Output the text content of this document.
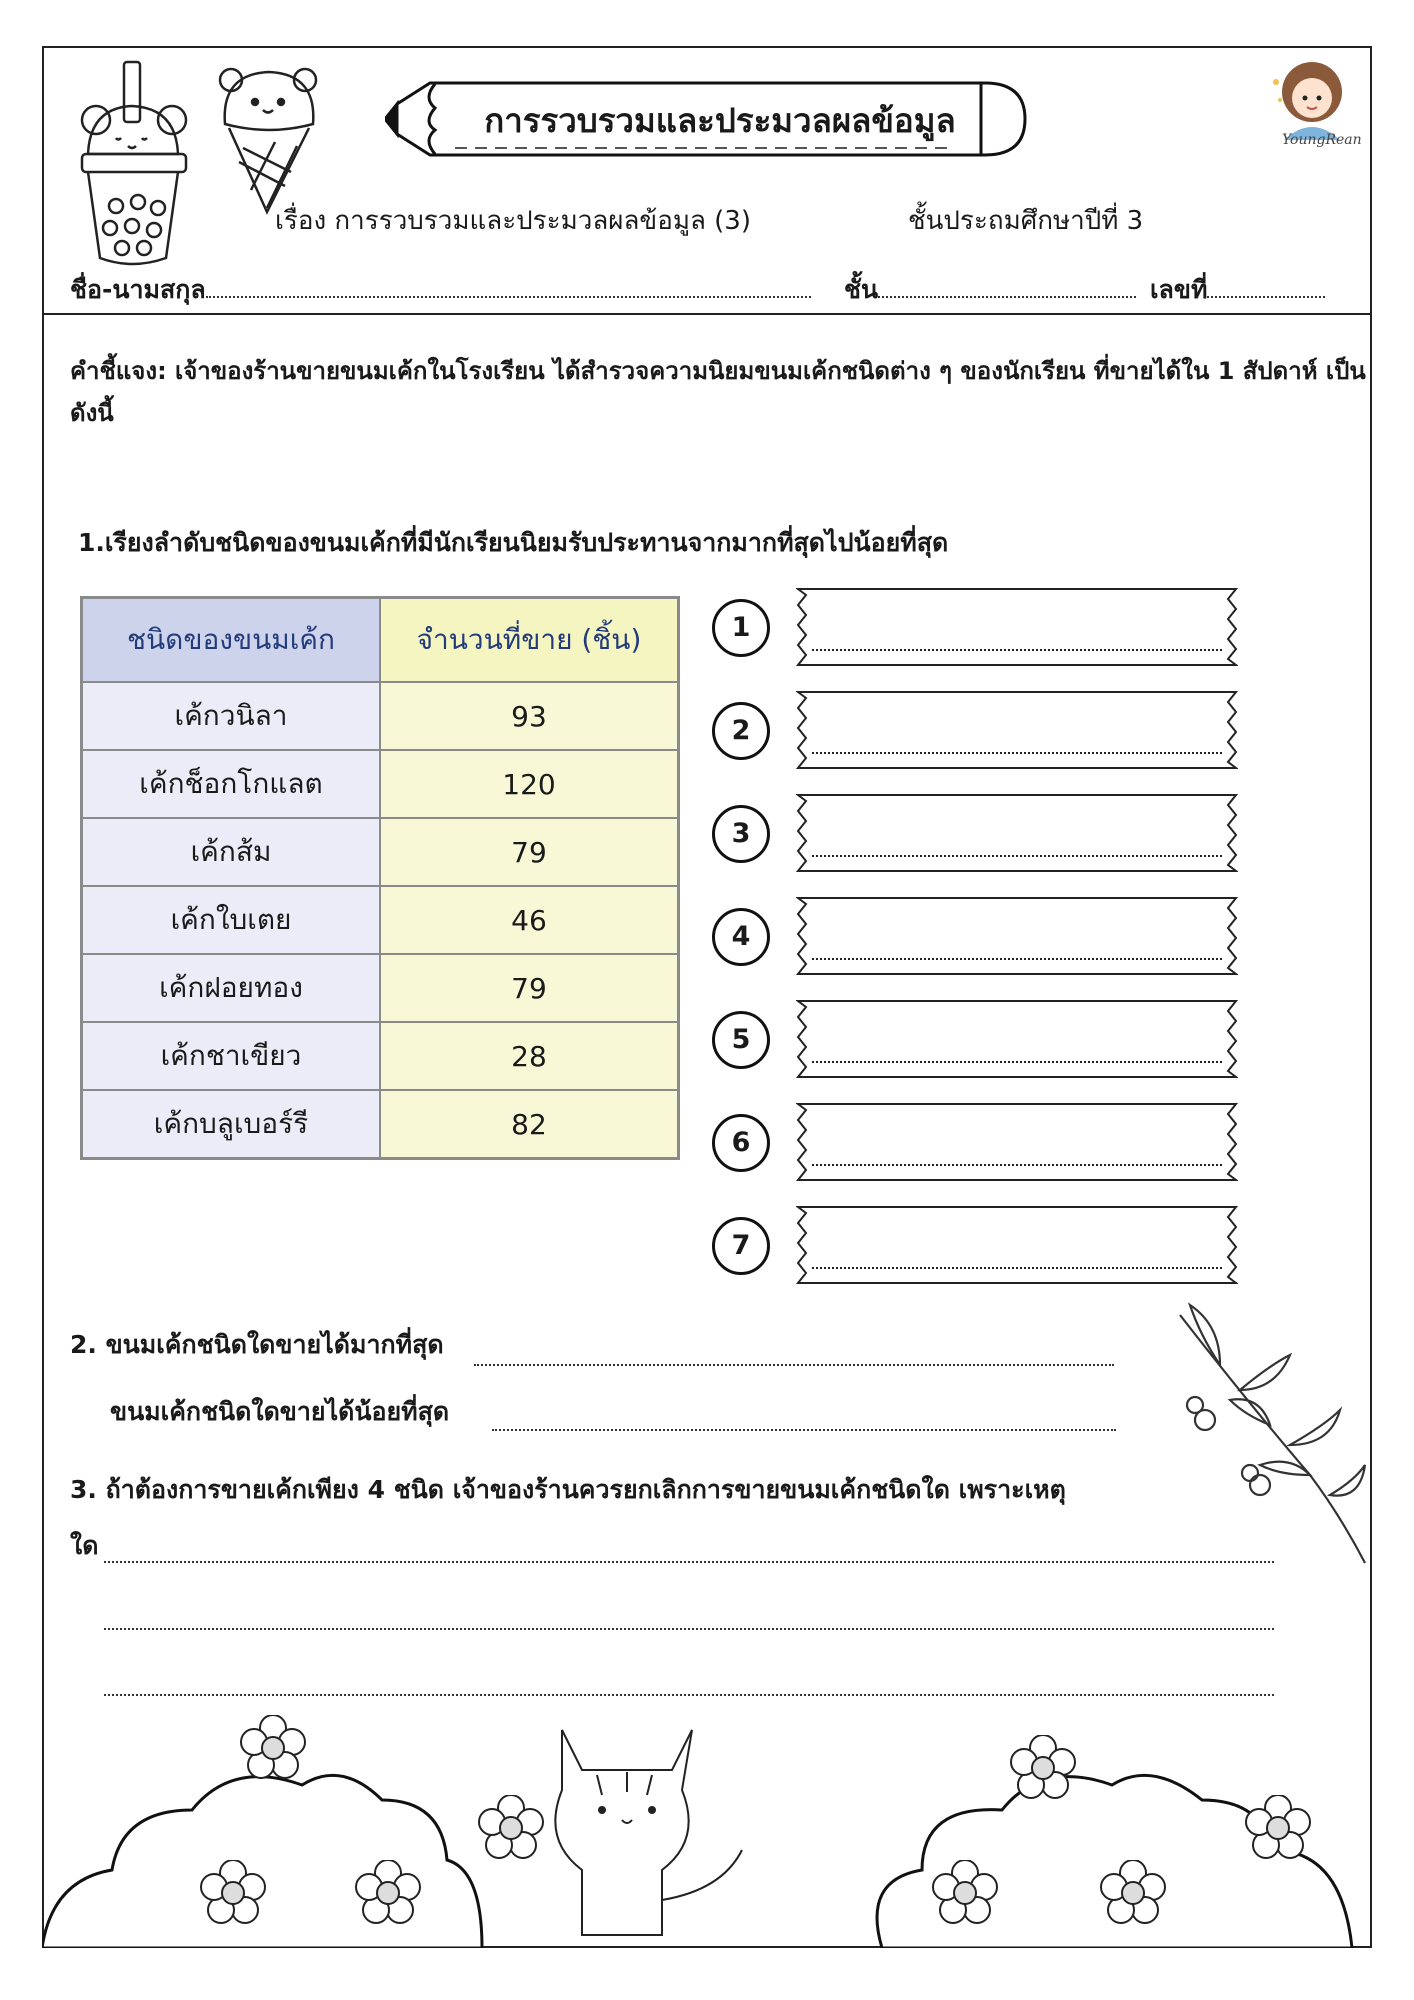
การรวบรวมและประมวลผลข้อมูล	YoungRean
เรื่อง การรวบรวมและประมวลผลข้อมูล (3)	ชั้นประถมศึกษาปีที่ 3
ชื่อ-นามสกุล	ชั้น	เลขที่
คำชี้แจง: เจ้าของร้านขายขนมเค้กในโรงเรียน ได้สำรวจความนิยมขนมเค้กชนิดต่าง ๆ ของนักเรียน ที่ขายได้ใน 1 สัปดาห์ เป็นดังนี้
1.เรียงลำดับชนิดของขนมเค้กที่มีนักเรียนนิยมรับประทานจากมากที่สุดไปน้อยที่สุด
ชนิดของขนมเค้ก	จำนวนที่ขาย (ชิ้น)
เค้กวนิลา	93
เค้กช็อกโกแลต	120
เค้กส้ม	79
เค้กใบเตย	46
เค้กฝอยทอง	79
เค้กชาเขียว	28
เค้กบลูเบอร์รี	82
1
2
3
4
5
6
7
2. ขนมเค้กชนิดใดขายได้มากที่สุด
ขนมเค้กชนิดใดขายได้น้อยที่สุด
3. ถ้าต้องการขายเค้กเพียง 4 ชนิด เจ้าของร้านควรยกเลิกการขายขนมเค้กชนิดใด เพราะเหตุ
ใด
